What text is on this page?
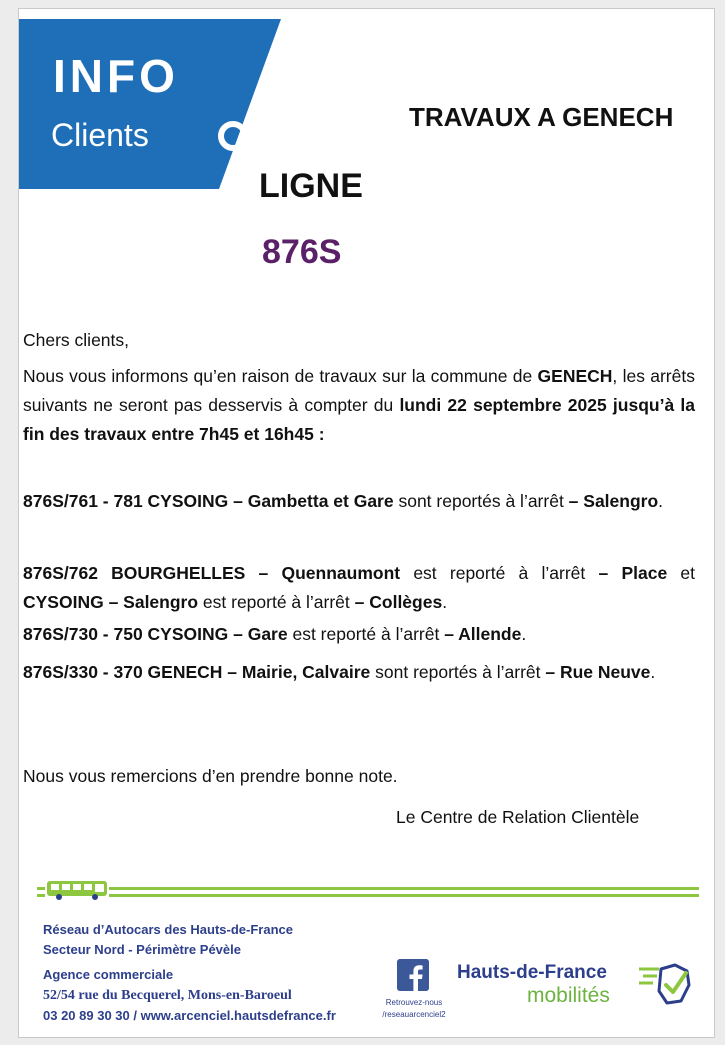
INFO
Clients	TRAVAUX A GENECH
LIGNE
876S
Chers clients,
Nous vous informons qu’en raison de travaux sur la commune de GENECH, les arrêts suivants ne seront pas desservis à compter du lundi 22 septembre 2025 jusqu’à la fin des travaux entre 7h45 et 16h45 :
876S/761 - 781 CYSOING – Gambetta et Gare sont reportés à l’arrêt – Salengro.
876S/762 BOURGHELLES – Quennaumont est reporté à l’arrêt – Place et CYSOING – Salengro est reporté à l’arrêt – Collèges.
876S/730 - 750 CYSOING – Gare est reporté à l’arrêt – Allende.
876S/330 - 370 GENECH – Mairie, Calvaire sont reportés à l’arrêt – Rue Neuve.
Nous vous remercions d’en prendre bonne note.
Le Centre de Relation Clientèle
Réseau d’Autocars des Hauts-de-France
Secteur Nord - Périmètre Pévèle
Agence commerciale
52/54 rue du Becquerel, Mons-en-Baroeul
03 20 89 30 30 / www.arcenciel.hautsdefrance.fr
Retrouvez-nous
/reseauarcenciel2
Hauts-de-France
mobilités
